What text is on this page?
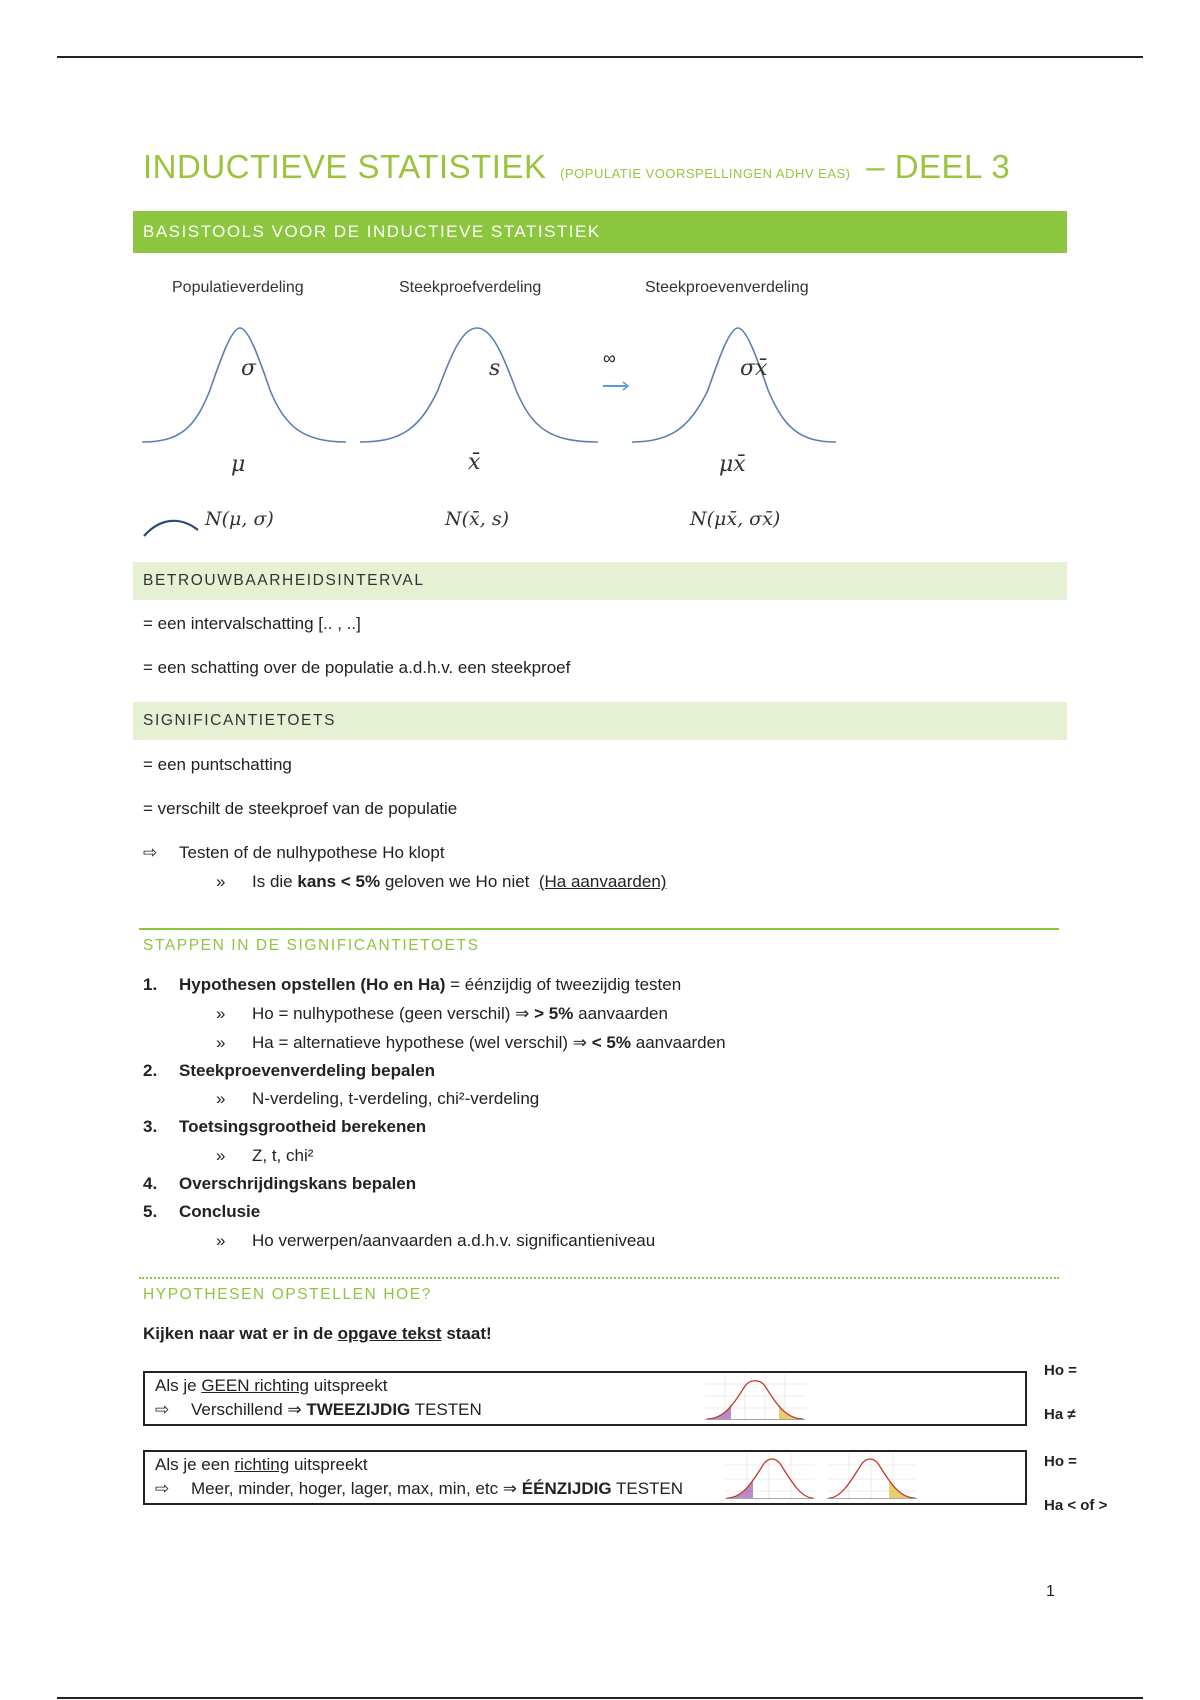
INDUCTIEVE STATISTIEK (POPULATIE VOORSPELLINGEN ADHV EAS) – DEEL 3
BASISTOOLS VOOR DE INDUCTIEVE STATISTIEK
Populatieverdeling	Steekproefverdeling	Steekproevenverdeling
σ	s	∞	σx̄
μ	x̄	μx̄
N(μ, σ)	N(x̄, s)	N(μx̄, σx̄)
BETROUWBAARHEIDSINTERVAL
= een intervalschatting [.. , ..]
= een schatting over de populatie a.d.h.v. een steekproef
SIGNIFICANTIETOETS
= een puntschatting
= verschilt de steekproef van de populatie
⇨ Testen of de nulhypothese Ho klopt
» Is die kans < 5% geloven we Ho niet (Ha aanvaarden)
STAPPEN IN DE SIGNIFICANTIETOETS
1. Hypothesen opstellen (Ho en Ha) = éénzijdig of tweezijdig testen
» Ho = nulhypothese (geen verschil) ⇒ > 5% aanvaarden
» Ha = alternatieve hypothese (wel verschil) ⇒ < 5% aanvaarden
2. Steekproevenverdeling bepalen
» N-verdeling, t-verdeling, chi²-verdeling
3. Toetsingsgrootheid berekenen
» Z, t, chi²
4. Overschrijdingskans bepalen
5. Conclusie
» Ho verwerpen/aanvaarden a.d.h.v. significantieniveau
HYPOTHESEN OPSTELLEN HOE?
Kijken naar wat er in de opgave tekst staat!
Als je GEEN richting uitspreekt
⇨ Verschillend ⇒ TWEEZIJDIG TESTEN
Ho =
Ha ≠
Als je een richting uitspreekt
⇨ Meer, minder, hoger, lager, max, min, etc ⇒ ÉÉNZIJDIG TESTEN
Ho =
Ha < of >
1
